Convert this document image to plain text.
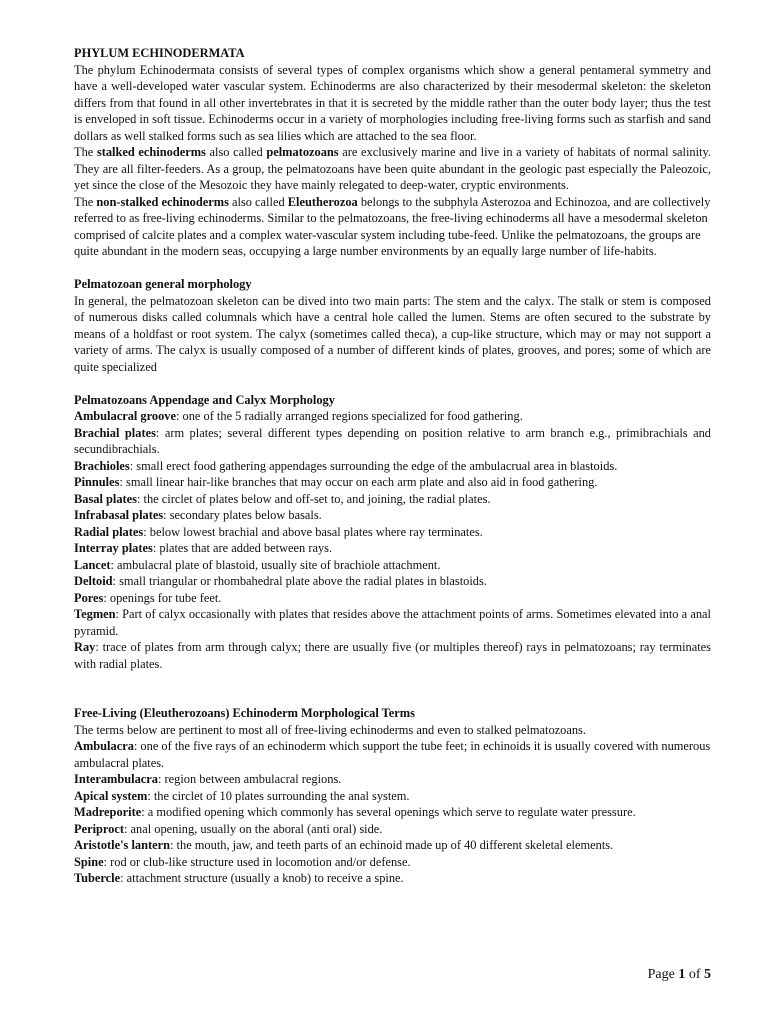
PHYLUM ECHINODERMATA

The phylum Echinodermata consists of several types of complex organisms which show a general pentameral symmetry and have a well-developed water vascular system. Echinoderms are also characterized by their mesodermal skeleton: the skeleton differs from that found in all other invertebrates in that it is secreted by the middle rather than the outer body layer; thus the test is enveloped in soft tissue. Echinoderms occur in a variety of morphologies including free-living forms such as starfish and sand dollars as well stalked forms such as sea lilies which are attached to the sea floor.

The stalked echinoderms also called pelmatozoans are exclusively marine and live in a variety of habitats of normal salinity. They are all filter-feeders. As a group, the pelmatozoans have been quite abundant in the geologic past especially the Paleozoic, yet since the close of the Mesozoic they have mainly relegated to deep-water, cryptic environments.

The non-stalked echinoderms also called Eleutherozoa belongs to the subphyla Asterozoa and Echinozoa, and are collectively referred to as free-living echinoderms. Similar to the pelmatozoans, the free-living echinoderms all have a mesodermal skeleton comprised of calcite plates and a complex water-vascular system including tube-feed. Unlike the pelmatozoans, the groups are quite abundant in the modern seas, occupying a large number environments by an equally large number of life-habits.

Pelmatozoan general morphology

In general, the pelmatozoan skeleton can be dived into two main parts: The stem and the calyx. The stalk or stem is composed of numerous disks called columnals which have a central hole called the lumen. Stems are often secured to the substrate by means of a holdfast or root system. The calyx (sometimes called theca), a cup-like structure, which may or may not support a variety of arms. The calyx is usually composed of a number of different kinds of plates, grooves, and pores; some of which are quite specialized

Pelmatozoans Appendage and Calyx Morphology

Ambulacral groove: one of the 5 radially arranged regions specialized for food gathering.

Brachial plates: arm plates; several different types depending on position relative to arm branch e.g., primibrachials and secundibrachials.

Brachioles: small erect food gathering appendages surrounding the edge of the ambulacrual area in blastoids.

Pinnules: small linear hair-like branches that may occur on each arm plate and also aid in food gathering.

Basal plates: the circlet of plates below and off-set to, and joining, the radial plates.

Infrabasal plates: secondary plates below basals.

Radial plates: below lowest brachial and above basal plates where ray terminates.

Interray plates: plates that are added between rays.

Lancet: ambulacral plate of blastoid, usually site of brachiole attachment.

Deltoid: small triangular or rhombahedral plate above the radial plates in blastoids.

Pores: openings for tube feet.

Tegmen: Part of calyx occasionally with plates that resides above the attachment points of arms. Sometimes elevated into a anal pyramid.

Ray: trace of plates from arm through calyx; there are usually five (or multiples thereof) rays in pelmatozoans; ray terminates with radial plates.

Free-Living (Eleutherozoans) Echinoderm Morphological Terms

The terms below are pertinent to most all of free-living echinoderms and even to stalked pelmatozoans.

Ambulacra: one of the five rays of an echinoderm which support the tube feet; in echinoids it is usually covered with numerous ambulacral plates.

Interambulacra: region between ambulacral regions.

Apical system: the circlet of 10 plates surrounding the anal system.

Madreporite: a modified opening which commonly has several openings which serve to regulate water pressure.

Periproct: anal opening, usually on the aboral (anti oral) side.

Aristotle's lantern: the mouth, jaw, and teeth parts of an echinoid made up of 40 different skeletal elements.

Spine: rod or club-like structure used in locomotion and/or defense.

Tubercle: attachment structure (usually a knob) to receive a spine.

Page 1 of 5
